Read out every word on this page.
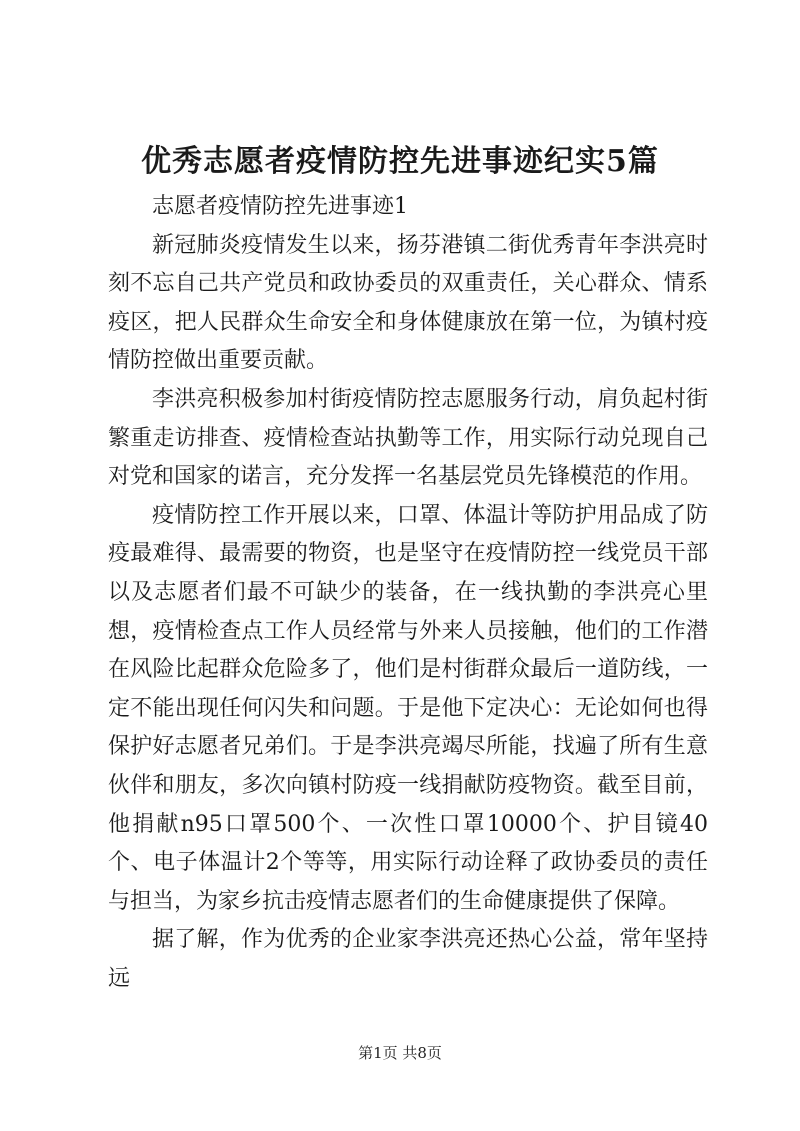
优秀志愿者疫情防控先进事迹纪实5篇

志愿者疫情防控先进事迹1

新冠肺炎疫情发生以来，扬芬港镇二街优秀青年李洪亮时刻不忘自己共产党员和政协委员的双重责任，关心群众、情系疫区，把人民群众生命安全和身体健康放在第一位，为镇村疫情防控做出重要贡献。

李洪亮积极参加村街疫情防控志愿服务行动，肩负起村街繁重走访排查、疫情检查站执勤等工作，用实际行动兑现自己对党和国家的诺言，充分发挥一名基层党员先锋模范的作用。

疫情防控工作开展以来，口罩、体温计等防护用品成了防疫最难得、最需要的物资，也是坚守在疫情防控一线党员干部以及志愿者们最不可缺少的装备，在一线执勤的李洪亮心里想，疫情检查点工作人员经常与外来人员接触，他们的工作潜在风险比起群众危险多了，他们是村街群众最后一道防线，一定不能出现任何闪失和问题。于是他下定决心：无论如何也得保护好志愿者兄弟们。于是李洪亮竭尽所能，找遍了所有生意伙伴和朋友，多次向镇村防疫一线捐献防疫物资。截至目前，他捐献n95口罩500个、一次性口罩10000个、护目镜40个、电子体温计2个等等，用实际行动诠释了政协委员的责任与担当，为家乡抗击疫情志愿者们的生命健康提供了保障。

据了解，作为优秀的企业家李洪亮还热心公益，常年坚持远

第1页 共8页
